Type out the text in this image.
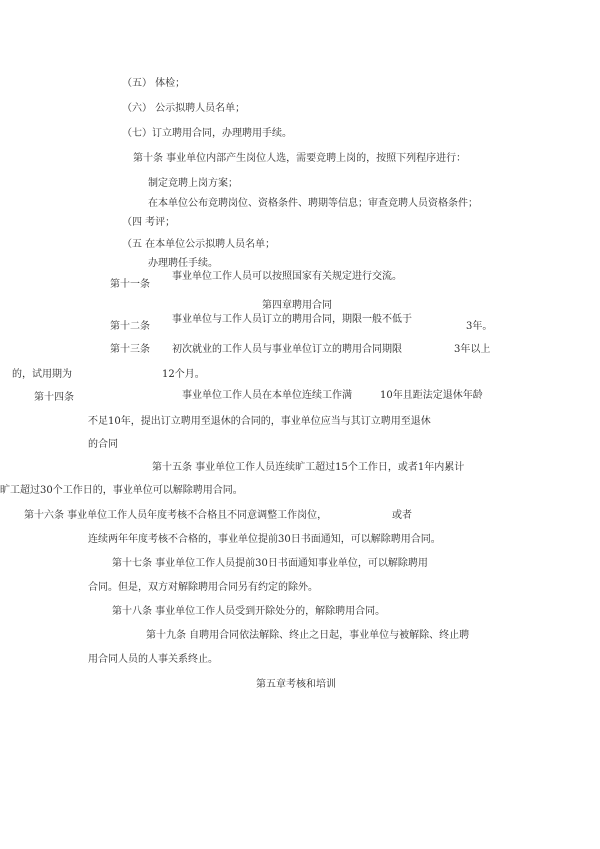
（五） 体检；
（六） 公示拟聘人员名单；
（七）订立聘用合同，办理聘用手续。
第十条 事业单位内部产生岗位人选，需要竞聘上岗的，按照下列程序进行：
制定竞聘上岗方案；
在本单位公布竞聘岗位、资格条件、聘期等信息；审查竞聘人员资格条件；
（四 考评；
（五 在本单位公示拟聘人员名单；
办理聘任手续。
第十一条
事业单位工作人员可以按照国家有关规定进行交流。
第四章聘用合同
第十二条
事业单位与工作人员订立的聘用合同，期限一般不低于
3年。
第十三条 初次就业的工作人员与事业单位订立的聘用合同期限	3年以上
的，试用期为	12个月。
第十四条	事业单位工作人员在本单位连续工作满	10年且距法定退休年龄
不足10年，提出订立聘用至退休的合同的，事业单位应当与其订立聘用至退休
的合同
第十五条 事业单位工作人员连续旷工超过15个工作日，或者1年内累计
旷工超过30个工作日的，事业单位可以解除聘用合同。
第十六条 事业单位工作人员年度考核不合格且不同意调整工作岗位，	或者
连续两年年度考核不合格的，事业单位提前30日书面通知，可以解除聘用合同。
第十七条 事业单位工作人员提前30日书面通知事业单位，可以解除聘用
合同。但是，双方对解除聘用合同另有约定的除外。
第十八条 事业单位工作人员受到开除处分的，解除聘用合同。
第十九条 自聘用合同依法解除、终止之日起，事业单位与被解除、终止聘
用合同人员的人事关系终止。
第五章考核和培训
